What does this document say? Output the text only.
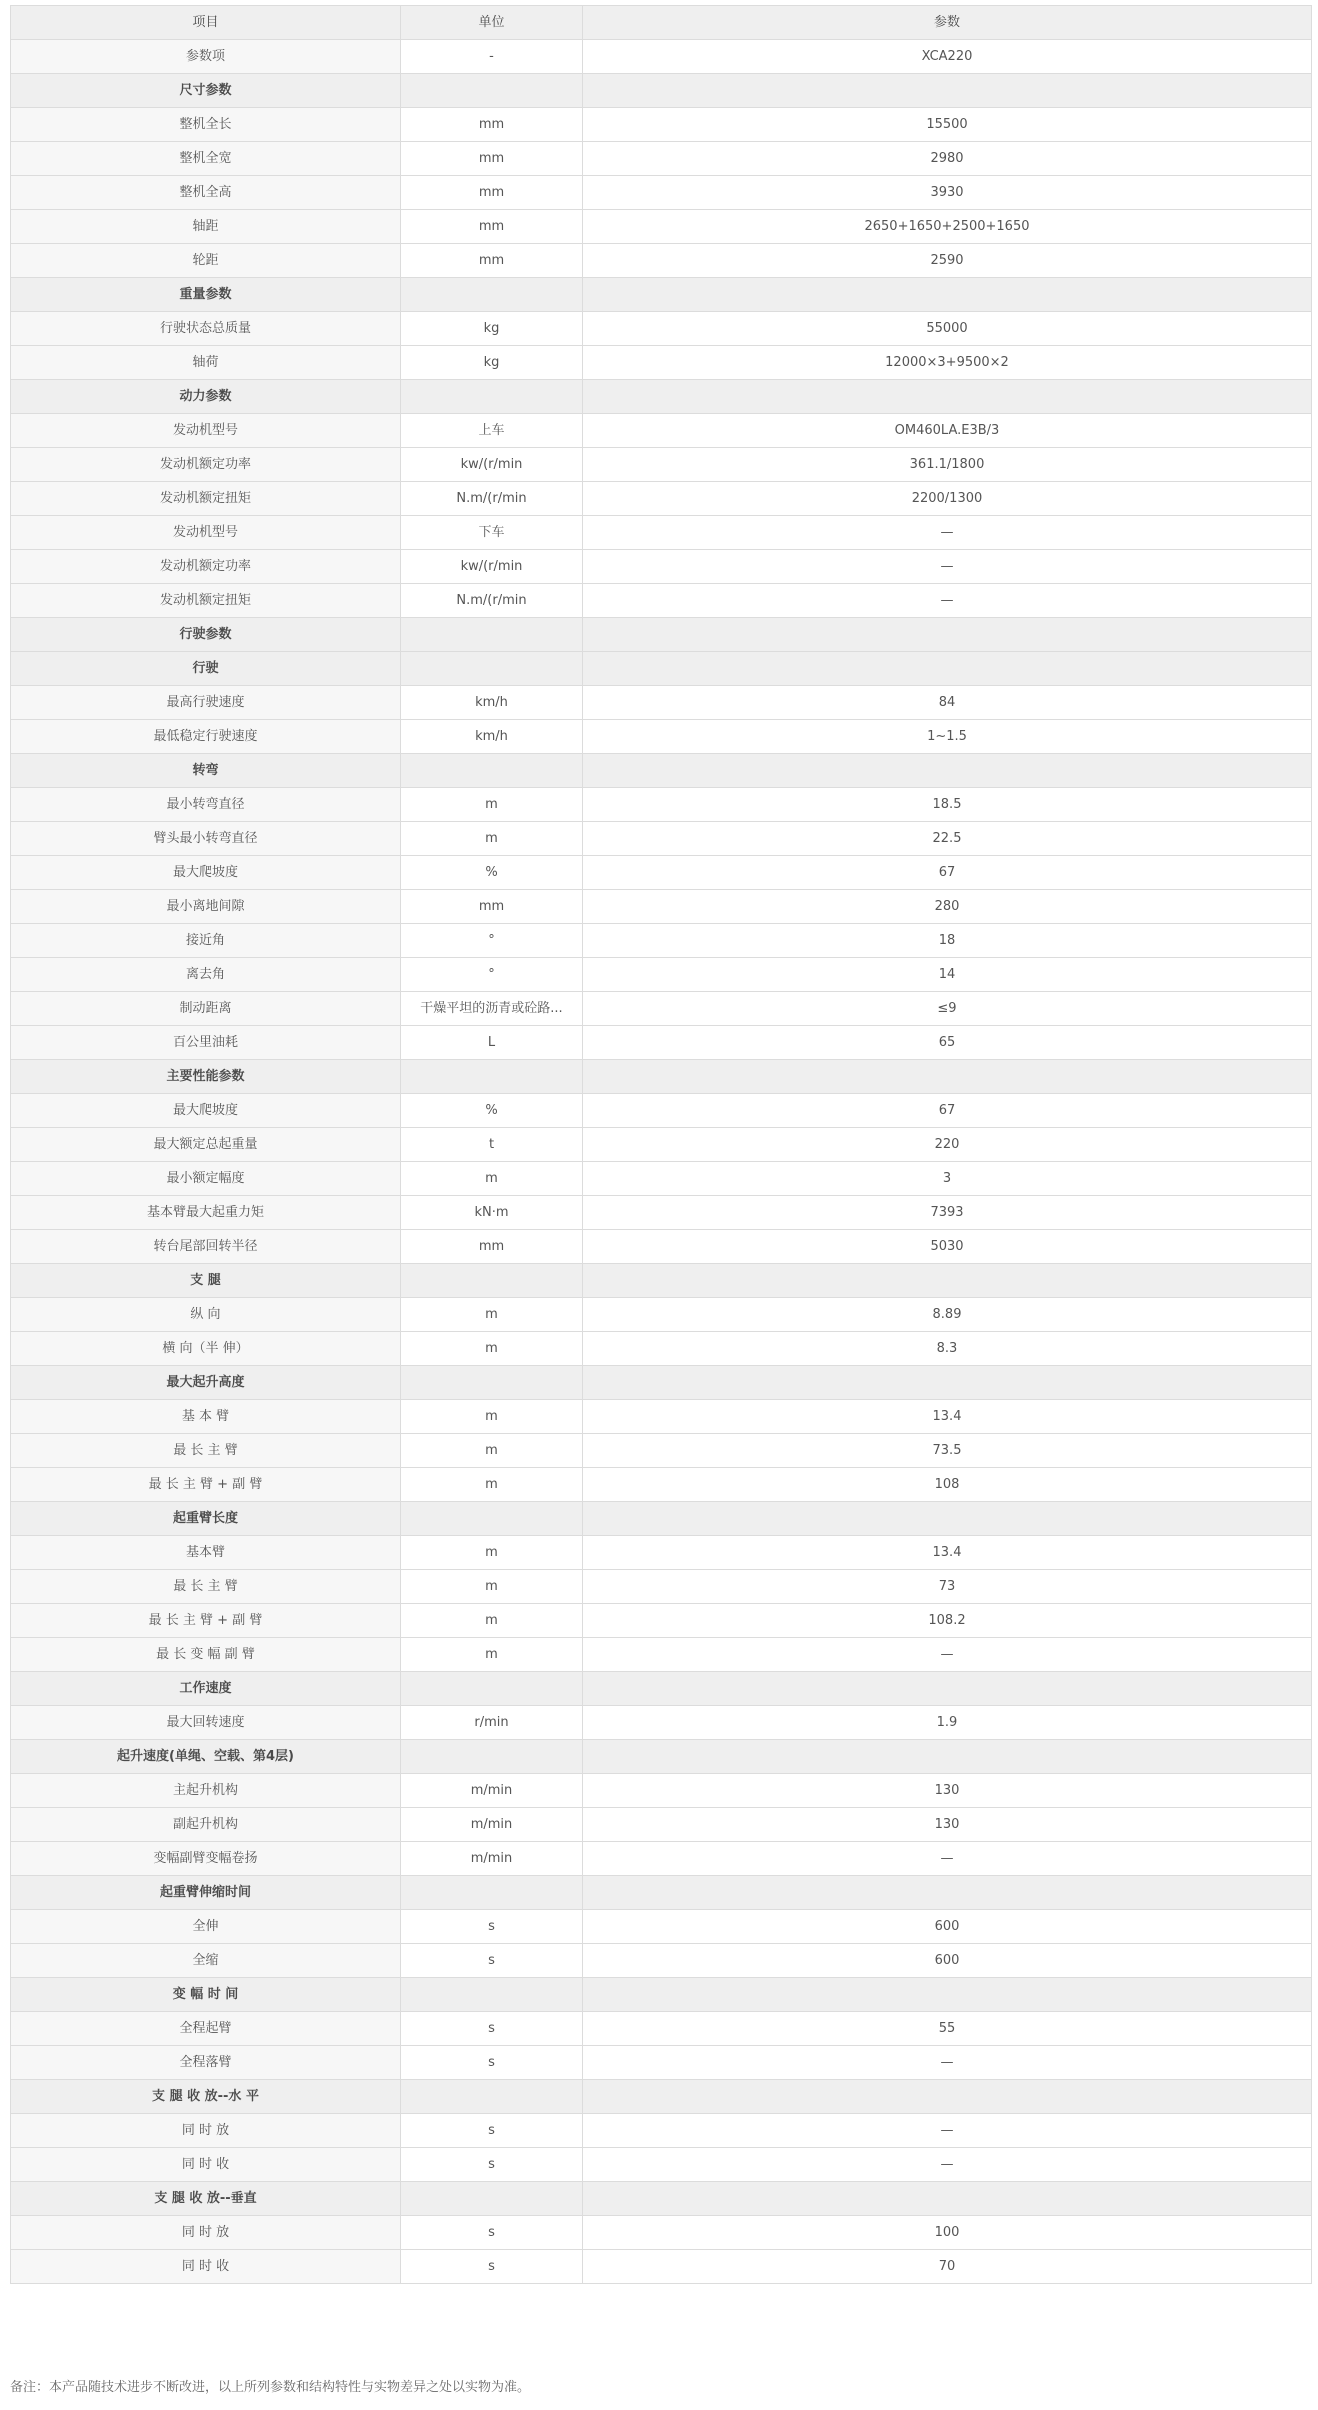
项目	单位	参数
参数项	-	XCA220
尺寸参数		
整机全长	mm	15500
整机全宽	mm	2980
整机全高	mm	3930
轴距	mm	2650+1650+2500+1650
轮距	mm	2590
重量参数		
行驶状态总质量	kg	55000
轴荷	kg	12000×3+9500×2
动力参数		
发动机型号	上车	OM460LA.E3B/3
发动机额定功率	kw/(r/min	361.1/1800
发动机额定扭矩	N.m/(r/min	2200/1300
发动机型号	下车	—
发动机额定功率	kw/(r/min	—
发动机额定扭矩	N.m/(r/min	—
行驶参数		
行驶		
最高行驶速度	km/h	84
最低稳定行驶速度	km/h	1~1.5
转弯		
最小转弯直径	m	18.5
臂头最小转弯直径	m	22.5
最大爬坡度	%	67
最小离地间隙	mm	280
接近角	°	18
离去角	°	14
制动距离	干燥平坦的沥青或砼路...	≤9
百公里油耗	L	65
主要性能参数		
最大爬坡度	%	67
最大额定总起重量	t	220
最小额定幅度	m	3
基本臂最大起重力矩	kN·m	7393
转台尾部回转半径	mm	5030
支 腿		
纵 向	m	8.89
横 向（半 伸）	m	8.3
最大起升高度		
基 本 臂	m	13.4
最 长 主 臂	m	73.5
最 长 主 臂 + 副 臂	m	108
起重臂长度		
基本臂	m	13.4
最 长 主 臂	m	73
最 长 主 臂 + 副 臂	m	108.2
最 长 变 幅 副 臂	m	—
工作速度		
最大回转速度	r/min	1.9
起升速度(单绳、空载、第4层)		
主起升机构	m/min	130
副起升机构	m/min	130
变幅副臂变幅卷扬	m/min	—
起重臂伸缩时间		
全伸	s	600
全缩	s	600
变 幅 时 间		
全程起臂	s	55
全程落臂	s	—
支 腿 收 放--水 平		
同 时 放	s	—
同 时 收	s	—
支 腿 收 放--垂直		
同 时 放	s	100
同 时 收	s	70
备注：本产品随技术进步不断改进，以上所列参数和结构特性与实物差异之处以实物为准。
